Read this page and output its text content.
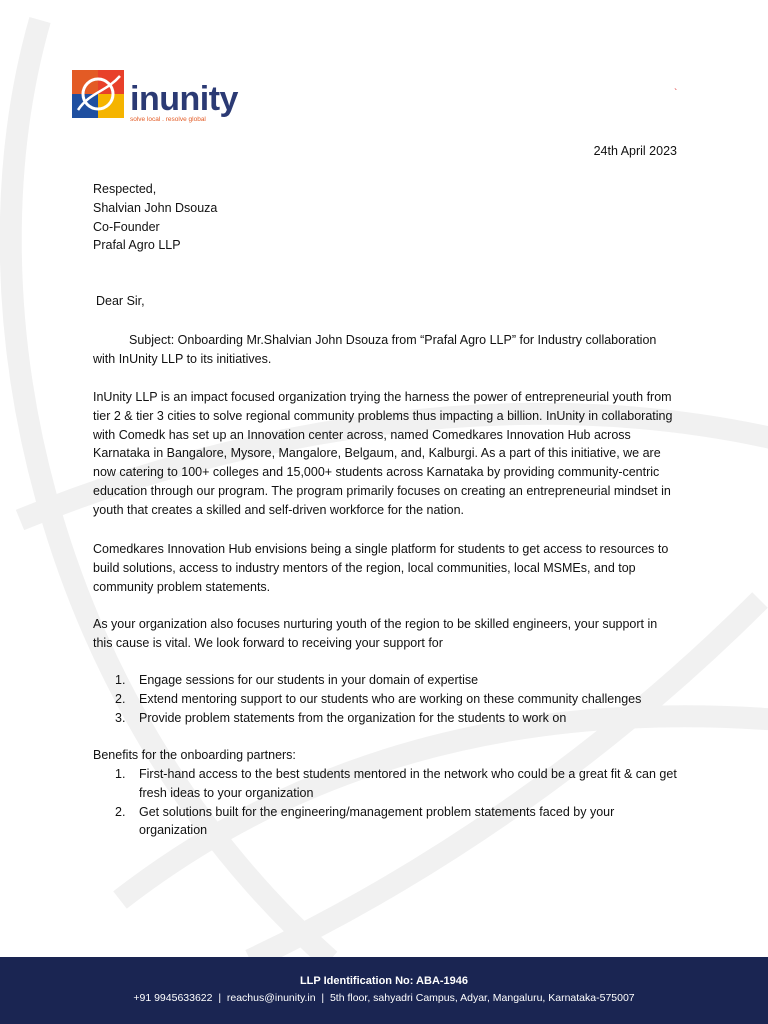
inunity
solve local . resolve global
`
24th April 2023

Respected,

Shalvian John Dsouza

Co-Founder

Prafal Agro LLP

Dear Sir,

Subject: Onboarding Mr.Shalvian John Dsouza from “Prafal Agro LLP” for Industry collaboration with InUnity LLP to its initiatives.

InUnity LLP is an impact focused organization trying the harness the power of entrepreneurial youth from tier 2 & tier 3 cities to solve regional community problems thus impacting a billion. InUnity in collaborating with Comedk has set up an Innovation center across, named Comedkares Innovation Hub across Karnataka in Bangalore, Mysore, Mangalore, Belgaum, and, Kalburgi. As a part of this initiative, we are now catering to 100+ colleges and 15,000+ students across Karnataka by providing community-centric education through our program. The program primarily focuses on creating an entrepreneurial mindset in youth that creates a skilled and self-driven workforce for the nation.

Comedkares Innovation Hub envisions being a single platform for students to get access to resources to build solutions, access to industry mentors of the region, local communities, local MSMEs, and top community problem statements.

As your organization also focuses nurturing youth of the region to be skilled engineers, your support in this cause is vital. We look forward to receiving your support for

1. Engage sessions for our students in your domain of expertise
2. Extend mentoring support to our students who are working on these community challenges
3. Provide problem statements from the organization for the students to work on

Benefits for the onboarding partners:

1. First-hand access to the best students mentored in the network who could be a great fit & can get fresh ideas to your organization
2. Get solutions built for the engineering/management problem statements faced by your organization
LLP Identification No: ABA-1946
+91 9945633622  |  reachus@inunity.in  |  5th floor, sahyadri Campus, Adyar, Mangaluru, Karnataka-575007
